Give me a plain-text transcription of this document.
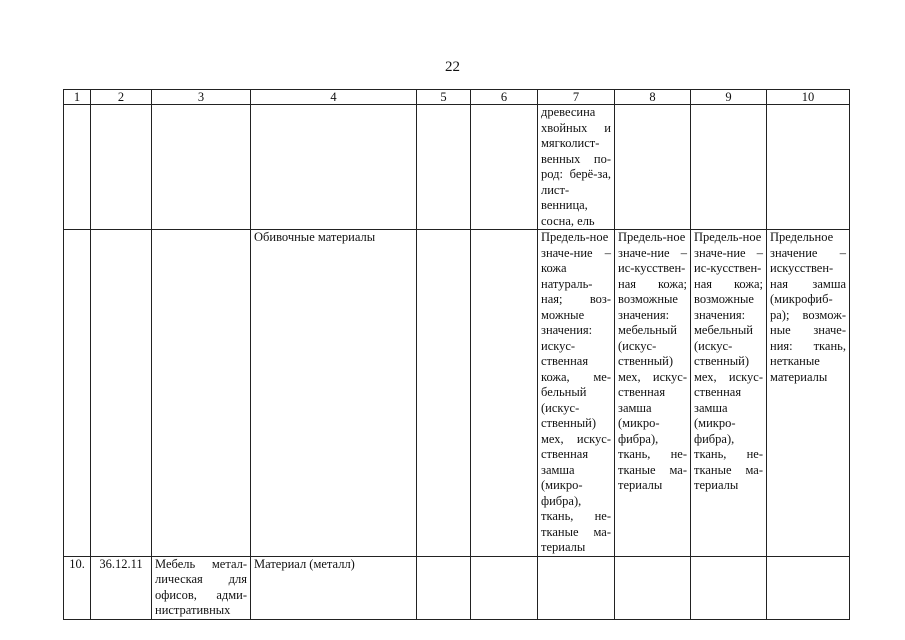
22
1	2	3	4	5	6	7	8	9	10
						древесина хвойных и мягколист-венных по-род: берё-за, лист-венница, сосна, ель			
			Обивочные материалы			Предель-ное значе-ние – кожа натураль-ная; воз-можные значения: искус-ственная кожа, ме-бельный (искус-ственный) мех, искус-ственная замша (микро-фибра), ткань, не-тканые ма-териалы	Предель-ное значе-ние – ис-кусствен-ная кожа; возможные значения: мебельный (искус-ственный) мех, искус-ственная замша (микро-фибра), ткань, не-тканые ма-териалы	Предель-ное значе-ние – ис-кусствен-ная кожа; возможные значения: мебельный (искус-ственный) мех, искус-ственная замша (микро-фибра), ткань, не-тканые ма-териалы	Предельное значение – искусствен-ная замша (микрофиб-ра); возмож-ные значе-ния: ткань, нетканые материалы
10.	36.12.11	Мебель метал-лическая для офисов, адми-нистративных	Материал (металл)						
